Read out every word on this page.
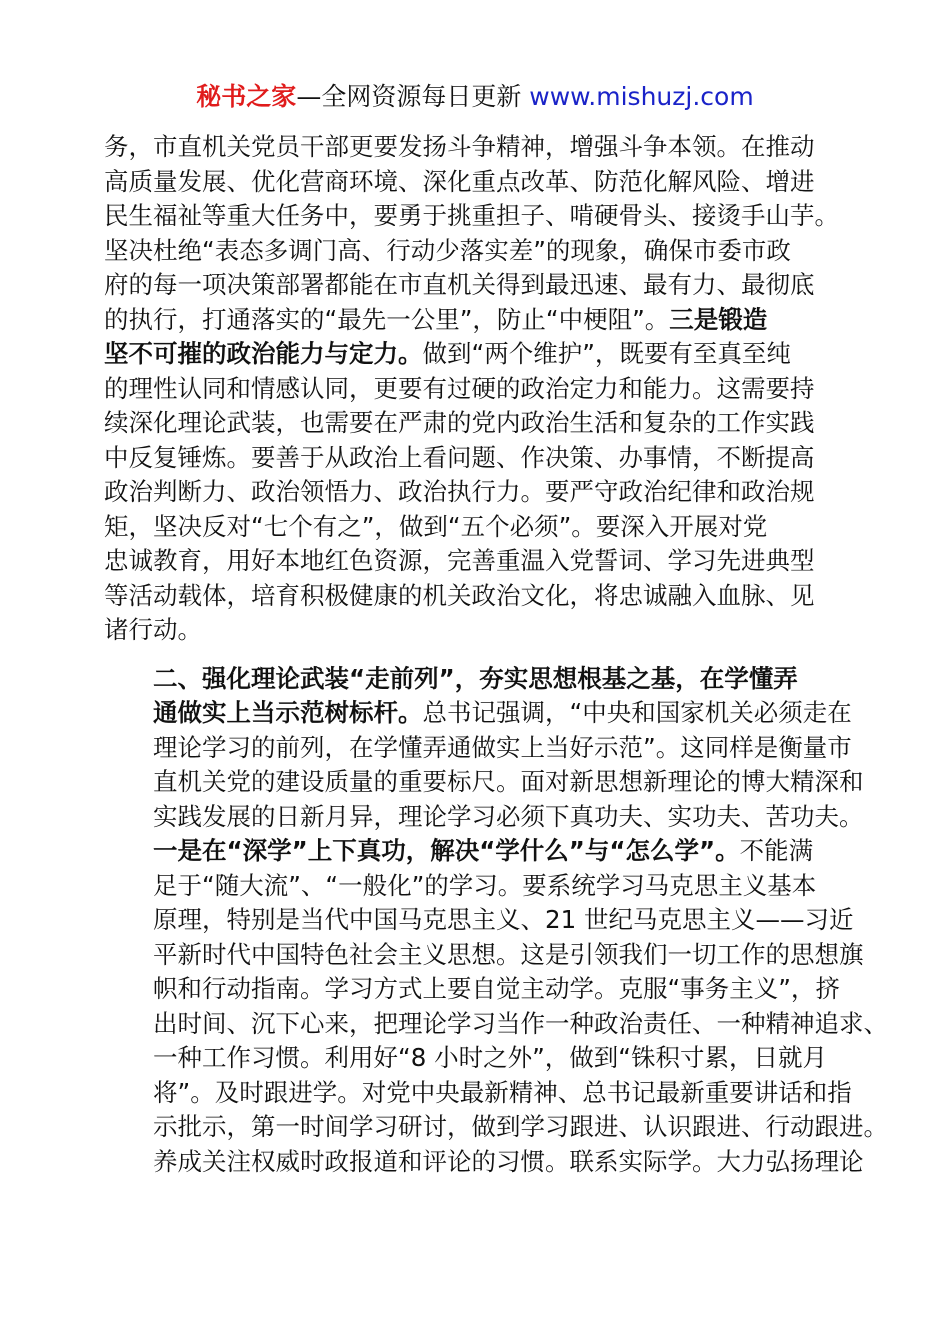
秘书之家—全网资源每日更新 www.mishuzj.com
务，市直机关党员干部更要发扬斗争精神，增强斗争本领。在推动
高质量发展、优化营商环境、深化重点改革、防范化解风险、增进
民生福祉等重大任务中，要勇于挑重担子、啃硬骨头、接烫手山芋。
坚决杜绝“表态多调门高、行动少落实差”的现象，确保市委市政
府的每一项决策部署都能在市直机关得到最迅速、最有力、最彻底
的执行，打通落实的“最先一公里”，防止“中梗阻”。三是锻造
坚不可摧的政治能力与定力。做到“两个维护”，既要有至真至纯
的理性认同和情感认同，更要有过硬的政治定力和能力。这需要持
续深化理论武装，也需要在严肃的党内政治生活和复杂的工作实践
中反复锤炼。要善于从政治上看问题、作决策、办事情，不断提高
政治判断力、政治领悟力、政治执行力。要严守政治纪律和政治规
矩，坚决反对“七个有之”，做到“五个必须”。要深入开展对党
忠诚教育，用好本地红色资源，完善重温入党誓词、学习先进典型
等活动载体，培育积极健康的机关政治文化，将忠诚融入血脉、见
诸行动。
二、强化理论武装“走前列”，夯实思想根基之基，在学懂弄
通做实上当示范树标杆。总书记强调，“中央和国家机关必须走在
理论学习的前列，在学懂弄通做实上当好示范”。这同样是衡量市
直机关党的建设质量的重要标尺。面对新思想新理论的博大精深和
实践发展的日新月异，理论学习必须下真功夫、实功夫、苦功夫。
一是在“深学”上下真功，解决“学什么”与“怎么学”。不能满
足于“随大流”、“一般化”的学习。要系统学习马克思主义基本
原理，特别是当代中国马克思主义、21 世纪马克思主义——习近
平新时代中国特色社会主义思想。这是引领我们一切工作的思想旗
帜和行动指南。学习方式上要自觉主动学。克服“事务主义”，挤
出时间、沉下心来，把理论学习当作一种政治责任、一种精神追求、
一种工作习惯。利用好“8 小时之外”，做到“铢积寸累，日就月
将”。及时跟进学。对党中央最新精神、总书记最新重要讲话和指
示批示，第一时间学习研讨，做到学习跟进、认识跟进、行动跟进。
养成关注权威时政报道和评论的习惯。联系实际学。大力弘扬理论
